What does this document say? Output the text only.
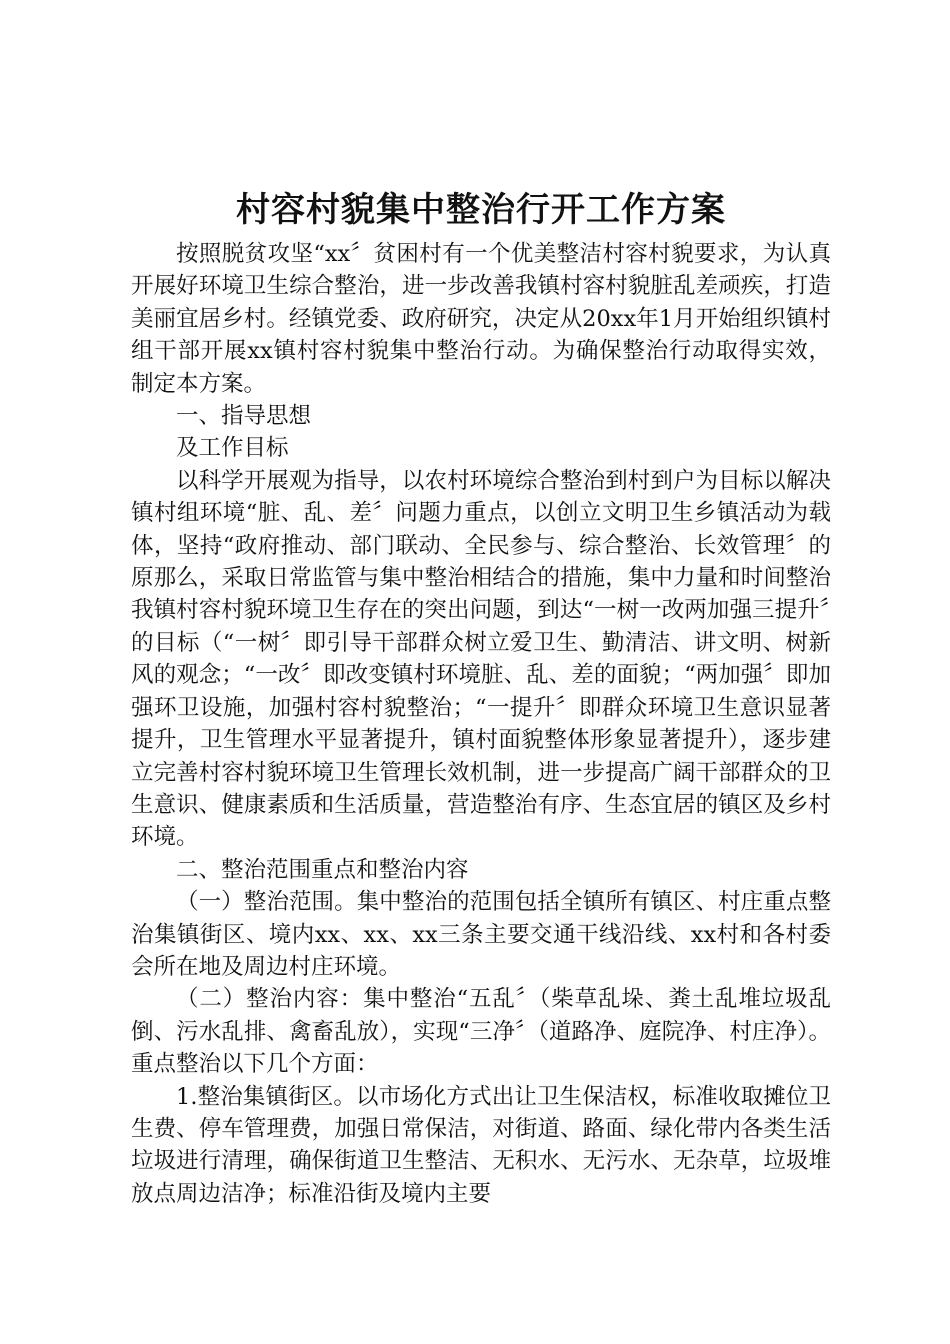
村容村貌集中整治行开工作方案

按照脱贫攻坚“xx〞贫困村有一个优美整洁村容村貌要求，为认真开展好环境卫生综合整治，进一步改善我镇村容村貌脏乱差顽疾，打造美丽宜居乡村。经镇党委、政府研究，决定从20xx年1月开始组织镇村组干部开展xx镇村容村貌集中整治行动。为确保整治行动取得实效，制定本方案。

一、指导思想

及工作目标

以科学开展观为指导，以农村环境综合整治到村到户为目标以解决镇村组环境“脏、乱、差〞问题力重点，以创立文明卫生乡镇活动为载体，坚持“政府推动、部门联动、全民参与、综合整治、长效管理〞的原那么，采取日常监管与集中整治相结合的措施，集中力量和时间整治我镇村容村貌环境卫生存在的突出问题，到达“一树一改两加强三提升〞的目标（“一树〞即引导干部群众树立爱卫生、勤清洁、讲文明、树新风的观念；“一改〞即改变镇村环境脏、乱、差的面貌；“两加强〞即加强环卫设施，加强村容村貌整治；“一提升〞即群众环境卫生意识显著提升，卫生管理水平显著提升，镇村面貌整体形象显著提升），逐步建立完善村容村貌环境卫生管理长效机制，进一步提高广阔干部群众的卫生意识、健康素质和生活质量，营造整治有序、生态宜居的镇区及乡村环境。

二、整治范围重点和整治内容

（一）整治范围。集中整治的范围包括全镇所有镇区、村庄重点整治集镇街区、境内xx、xx、xx三条主要交通干线沿线、xx村和各村委会所在地及周边村庄环境。

（二）整治内容：集中整治“五乱〞（柴草乱垛、粪土乱堆垃圾乱倒、污水乱排、禽畜乱放），实现“三净〞（道路净、庭院净、村庄净）。重点整治以下几个方面：

1.整治集镇街区。以市场化方式出让卫生保洁权，标准收取摊位卫生费、停车管理费，加强日常保洁，对街道、路面、绿化带内各类生活垃圾进行清理，确保街道卫生整洁、无积水、无污水、无杂草，垃圾堆放点周边洁净；标准沿街及境内主要
